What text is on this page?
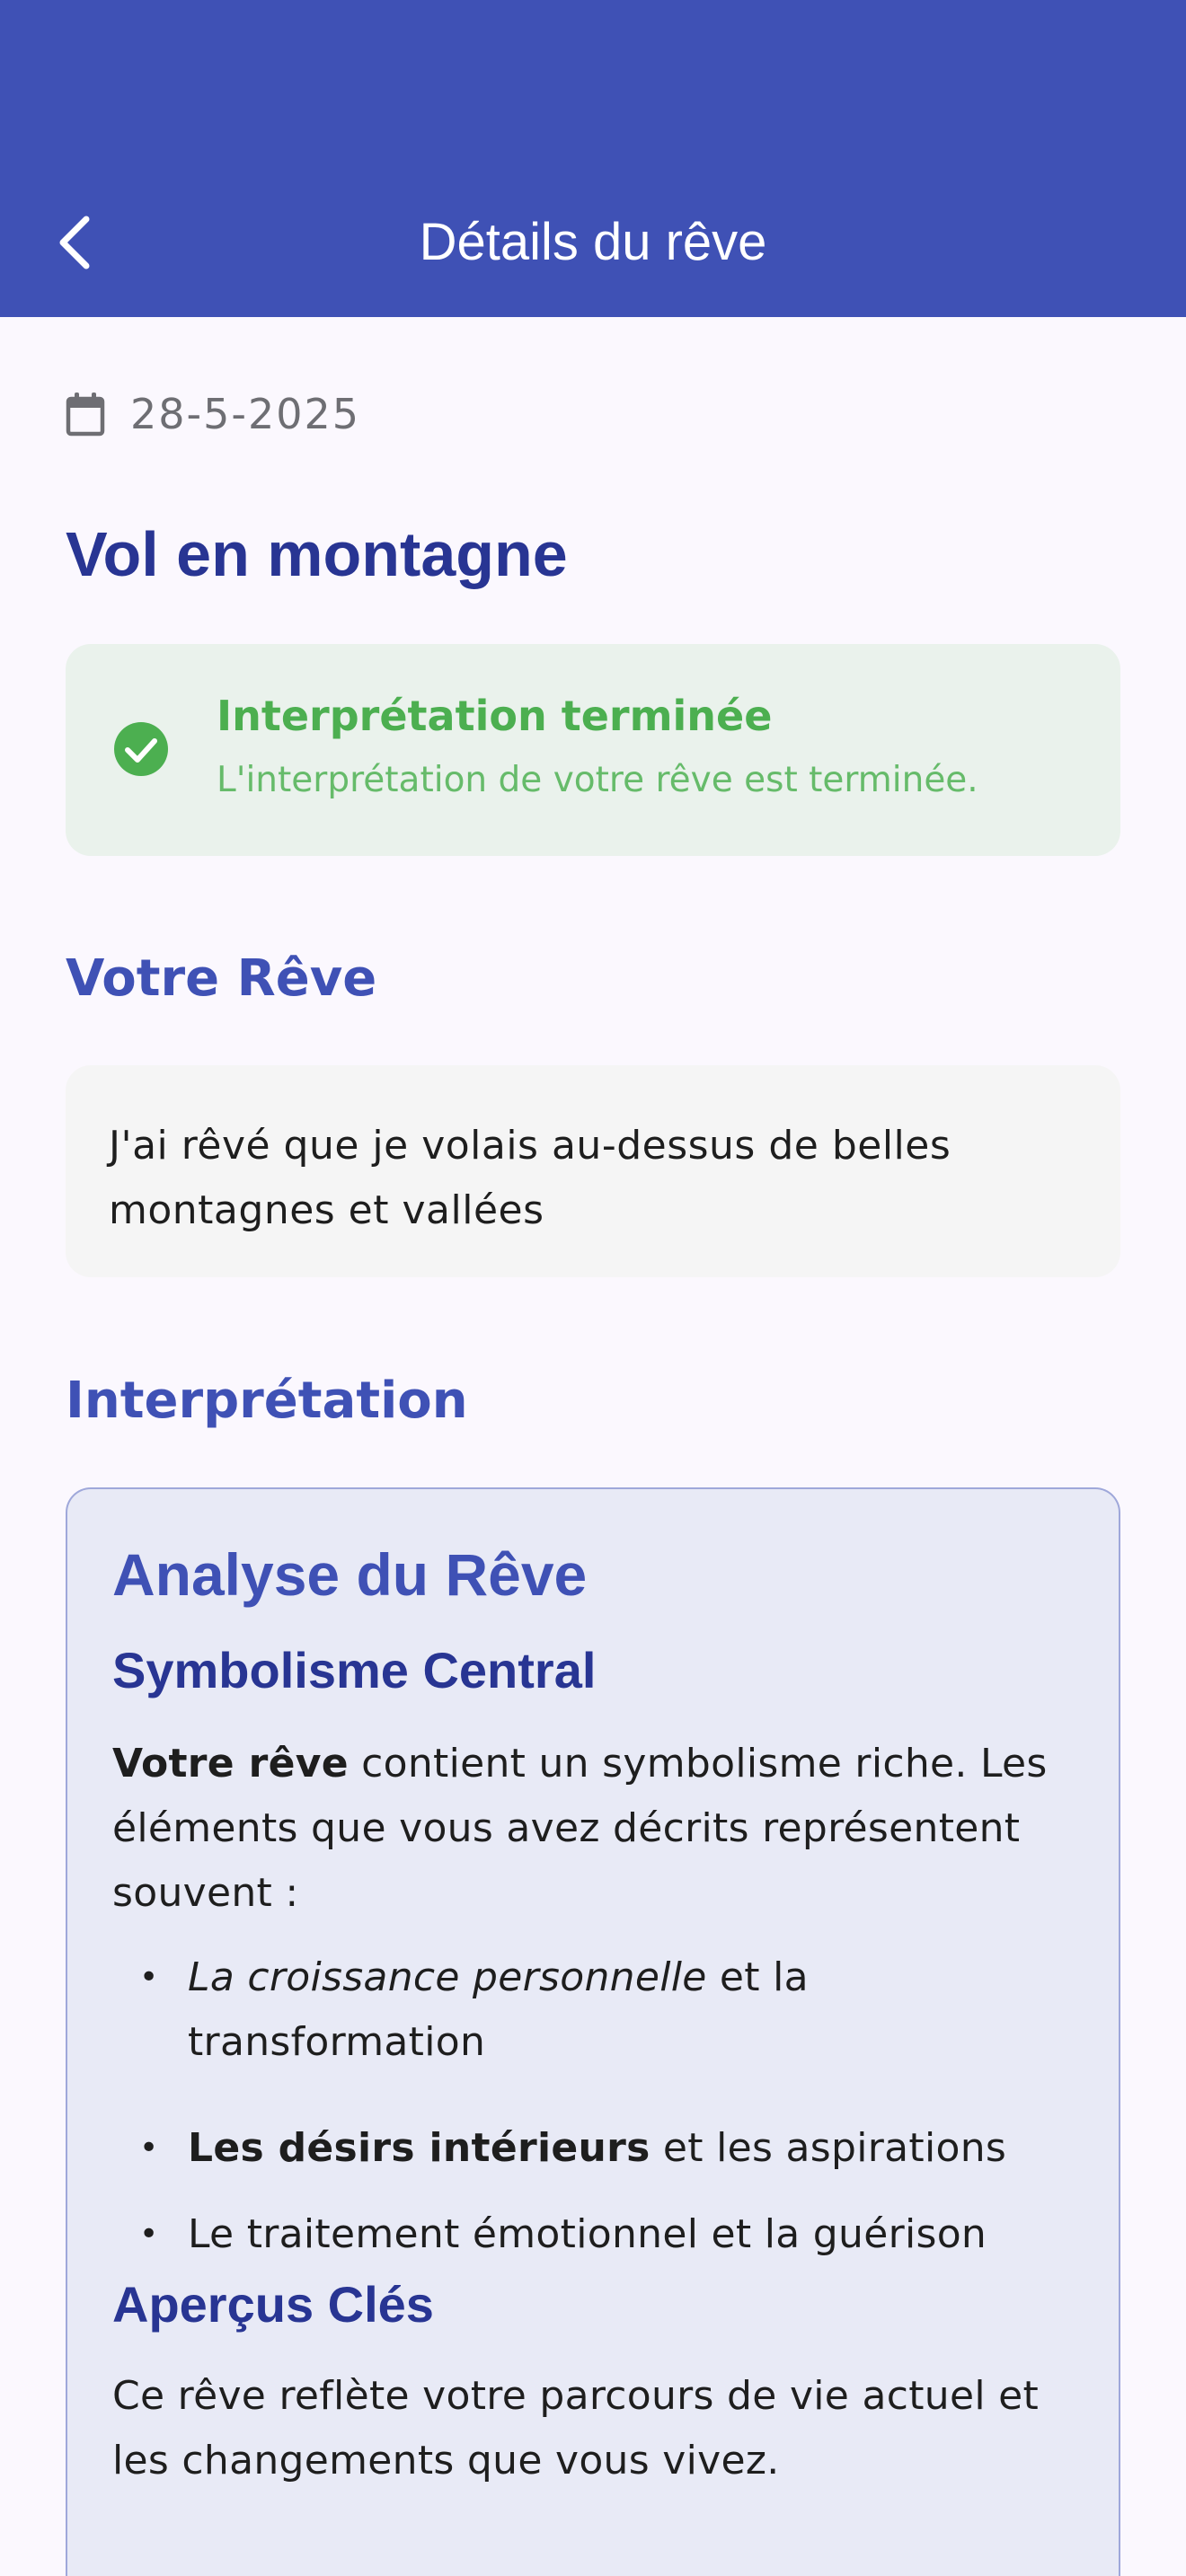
Détails du rêve
28-5-2025
Vol en montagne
Interprétation terminée
L'interprétation de votre rêve est terminée.
Votre Rêve
J'ai rêvé que je volais au-dessus de belles montagnes et vallées
Interprétation
Analyse du Rêve
Symbolisme Central
Votre rêve contient un symbolisme riche. Les éléments que vous avez décrits représentent souvent :
• La croissance personnelle et la transformation
• Les désirs intérieurs et les aspirations
• Le traitement émotionnel et la guérison
Aperçus Clés
Ce rêve reflète votre parcours de vie actuel et les changements que vous vivez.
